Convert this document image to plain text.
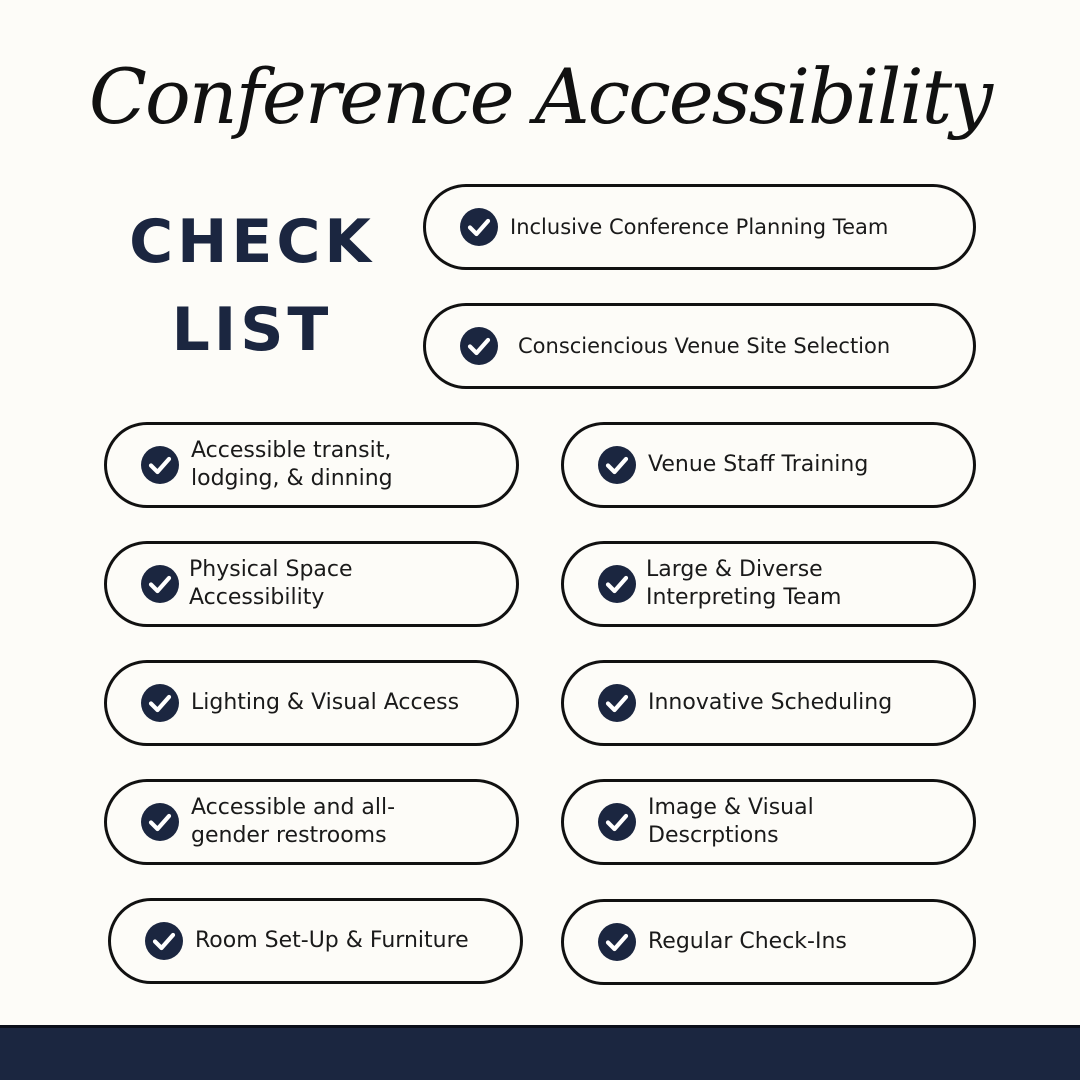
Conference Accessibility
CHECK
LIST
Inclusive Conference Planning Team
Consciencious Venue Site Selection
Accessible transit,
lodging, & dinning
Venue Staff Training
Physical Space
Accessibility
Large & Diverse
Interpreting Team
Lighting & Visual Access	Innovative Scheduling
Accessible and all-
gender restrooms
Image & Visual
Descrptions
Room Set-Up & Furniture	Regular Check-Ins
